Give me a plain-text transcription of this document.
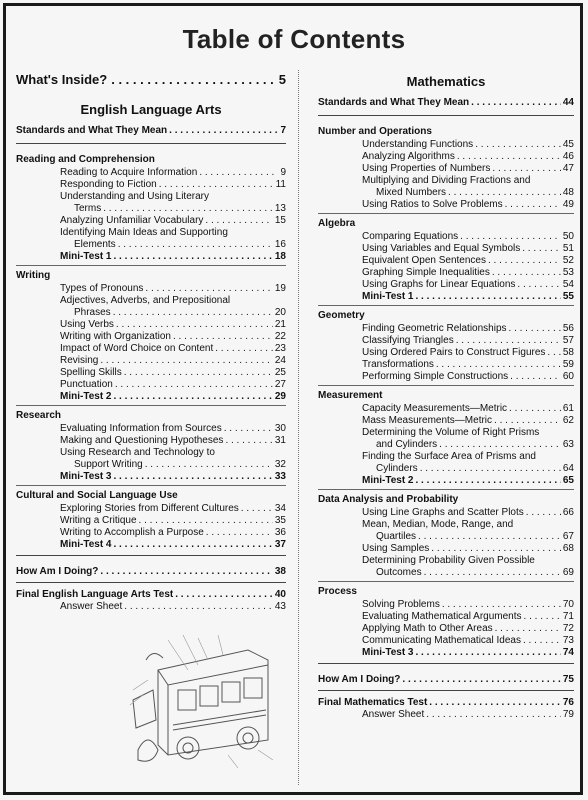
Table of Contents
What's Inside? . . .	5
English Language Arts
Standards and What They Mean . . .	7
Reading and Comprehension
Reading to Acquire Information . . .	9
Responding to Fiction . . .	11
Understanding and Using Literary
Terms . . .	13
Analyzing Unfamiliar Vocabulary . . .	15
Identifying Main Ideas and Supporting
Elements . . .	16
Mini-Test 1 . . .	18
Writing
Types of Pronouns . . .	19
Adjectives, Adverbs, and Prepositional
Phrases . . .	20
Using Verbs . . .	21
Writing with Organization . . .	22
Impact of Word Choice on Content . . .	23
Revising . . .	24
Spelling Skills . . .	25
Punctuation . . .	27
Mini-Test 2 . . .	29
Research
Evaluating Information from Sources . . .	30
Making and Questioning Hypotheses . . .	31
Using Research and Technology to
Support Writing . . .	32
Mini-Test 3 . . .	33
Cultural and Social Language Use
Exploring Stories from Different Cultures . . .	34
Writing a Critique . . .	35
Writing to Accomplish a Purpose . . .	36
Mini-Test 4 . . .	37
How Am I Doing? . . .	38
Final English Language Arts Test . . .	40
Answer Sheet . . .	43
Mathematics
Standards and What They Mean . . .	44
Number and Operations
Understanding Functions . . .	45
Analyzing Algorithms . . .	46
Using Properties of Numbers . . .	47
Multiplying and Dividing Fractions and
Mixed Numbers . . .	48
Using Ratios to Solve Problems . . .	49
Algebra
Comparing Equations . . .	50
Using Variables and Equal Symbols . . .	51
Equivalent Open Sentences . . .	52
Graphing Simple Inequalities . . .	53
Using Graphs for Linear Equations . . .	54
Mini-Test 1 . . .	55
Geometry
Finding Geometric Relationships . . .	56
Classifying Triangles . . .	57
Using Ordered Pairs to Construct Figures . . . 58
Transformations . . .	59
Performing Simple Constructions . . .	60
Measurement
Capacity Measurements—Metric . . .	61
Mass Measurements—Metric . . .	62
Determining the Volume of Right Prisms
and Cylinders . . .	63
Finding the Surface Area of Prisms and
Cylinders . . .	64
Mini-Test 2 . . .	65
Data Analysis and Probability
Using Line Graphs and Scatter Plots . . .	66
Mean, Median, Mode, Range, and
Quartiles . . .	67
Using Samples . . .	68
Determining Probability Given Possible
Outcomes . . .	69
Process
Solving Problems . . .	70
Evaluating Mathematical Arguments . . .	71
Applying Math to Other Areas . . .	72
Communicating Mathematical Ideas . . .	73
Mini-Test 3 . . .	74
How Am I Doing? . . .	75
Final Mathematics Test . . .	76
Answer Sheet . . .	79
